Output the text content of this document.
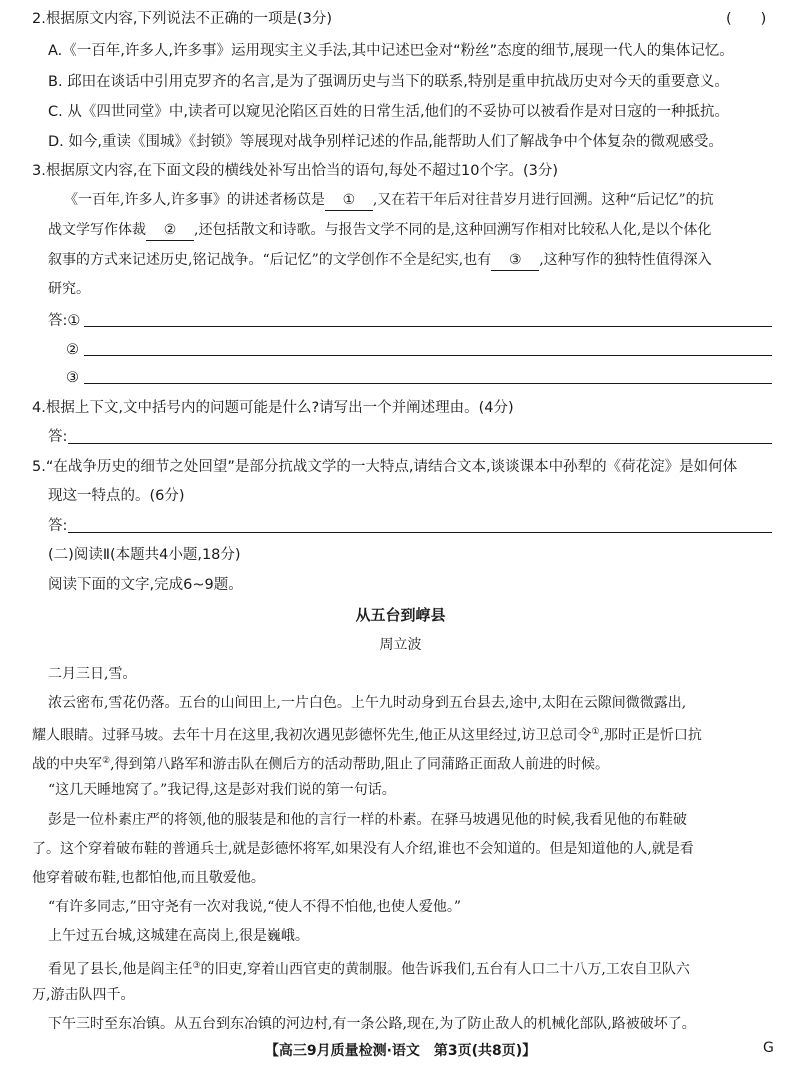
2.根据原文内容,下列说法不正确的一项是(3分)	(　　)
A.《一百年,许多人,许多事》运用现实主义手法,其中记述巴金对“粉丝”态度的细节,展现一代人的集体记忆。
B. 邱田在谈话中引用克罗齐的名言,是为了强调历史与当下的联系,特别是重申抗战历史对今天的重要意义。
C. 从《四世同堂》中,读者可以窥见沦陷区百姓的日常生活,他们的不妥协可以被看作是对日寇的一种抵抗。
D. 如今,重读《围城》《封锁》等展现对战争别样记述的作品,能帮助人们了解战争中个体复杂的微观感受。
3.根据原文内容,在下面文段的横线处补写出恰当的语句,每处不超过10个字。(3分)
《一百年,许多人,许多事》的讲述者杨苡是 ① ,又在若干年后对往昔岁月进行回溯。这种“后记忆”的抗
战文学写作体裁 ② ,还包括散文和诗歌。与报告文学不同的是,这种回溯写作相对比较私人化,是以个体化
叙事的方式来记述历史,铭记战争。“后记忆”的文学创作不全是纪实,也有 ③ ,这种写作的独特性值得深入
研究。
答:①
②
③
4.根据上下文,文中括号内的问题可能是什么?请写出一个并阐述理由。(4分)
答:
5.“在战争历史的细节之处回望”是部分抗战文学的一大特点,请结合文本,谈谈课本中孙犁的《荷花淀》是如何体
现这一特点的。(6分)
答:
(二)阅读Ⅱ(本题共4小题,18分)
阅读下面的文字,完成6~9题。
从五台到崞县
周立波
二月三日,雪。
浓云密布,雪花仍落。五台的山间田上,一片白色。上午九时动身到五台县去,途中,太阳在云隙间微微露出,
耀人眼睛。过驿马坡。去年十月在这里,我初次遇见彭德怀先生,他正从这里经过,访卫总司令①,那时正是忻口抗
战的中央军②,得到第八路军和游击队在侧后方的活动帮助,阻止了同蒲路正面敌人前进的时候。
“这几天睡地窝了。”我记得,这是彭对我们说的第一句话。
彭是一位朴素庄严的将领,他的服装是和他的言行一样的朴素。在驿马坡遇见他的时候,我看见他的布鞋破
了。这个穿着破布鞋的普通兵士,就是彭德怀将军,如果没有人介绍,谁也不会知道的。但是知道他的人,就是看
他穿着破布鞋,也都怕他,而且敬爱他。
“有许多同志,”田守尧有一次对我说,“使人不得不怕他,也使人爱他。”
上午过五台城,这城建在高岗上,很是巍峨。
看见了县长,他是阎主任③的旧吏,穿着山西官吏的黄制服。他告诉我们,五台有人口二十八万,工农自卫队六
万,游击队四千。
下午三时至东冶镇。从五台到东冶镇的河边村,有一条公路,现在,为了防止敌人的机械化部队,路被破坏了。
【高三9月质量检测·语文　第3页(共8页)】	G
